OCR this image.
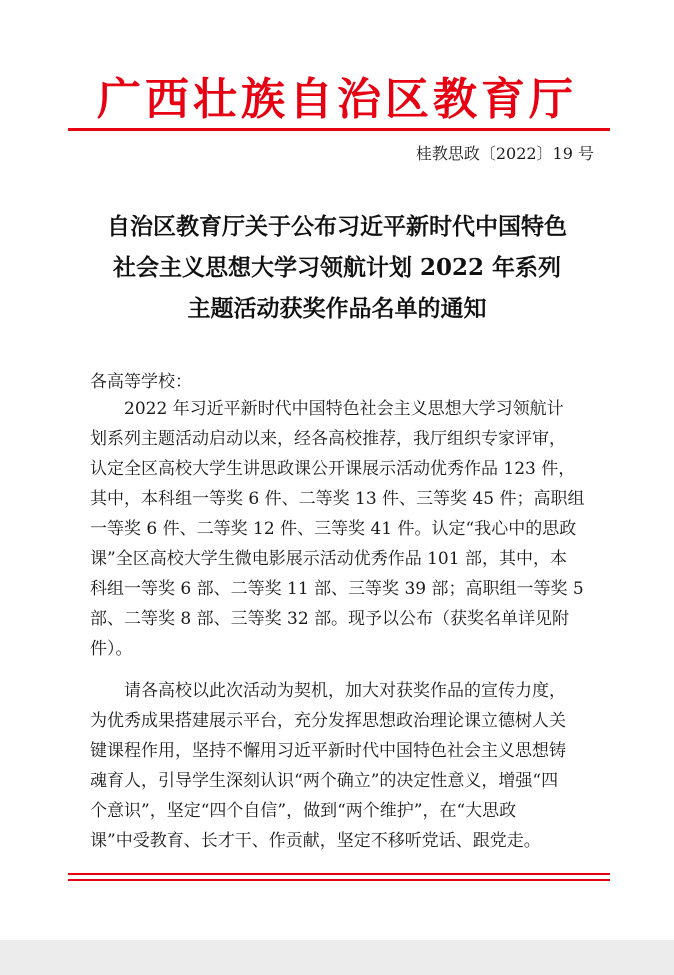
广西壮族自治区教育厅
桂教思政〔2022〕19 号
自治区教育厅关于公布习近平新时代中国特色
社会主义思想大学习领航计划 2022 年系列
主题活动获奖作品名单的通知
各高等学校：
2022 年习近平新时代中国特色社会主义思想大学习领航计
划系列主题活动启动以来，经各高校推荐，我厅组织专家评审，
认定全区高校大学生讲思政课公开课展示活动优秀作品 123 件，
其中，本科组一等奖 6 件、二等奖 13 件、三等奖 45 件；高职组
一等奖 6 件、二等奖 12 件、三等奖 41 件。认定“我心中的思政
课”全区高校大学生微电影展示活动优秀作品 101 部，其中，本
科组一等奖 6 部、二等奖 11 部、三等奖 39 部；高职组一等奖 5
部、二等奖 8 部、三等奖 32 部。现予以公布（获奖名单详见附
件）。
请各高校以此次活动为契机，加大对获奖作品的宣传力度，
为优秀成果搭建展示平台，充分发挥思想政治理论课立德树人关
键课程作用，坚持不懈用习近平新时代中国特色社会主义思想铸
魂育人，引导学生深刻认识“两个确立”的决定性意义，增强“四
个意识”，坚定“四个自信”，做到“两个维护”，在“大思政
课”中受教育、长才干、作贡献，坚定不移听党话、跟党走。
